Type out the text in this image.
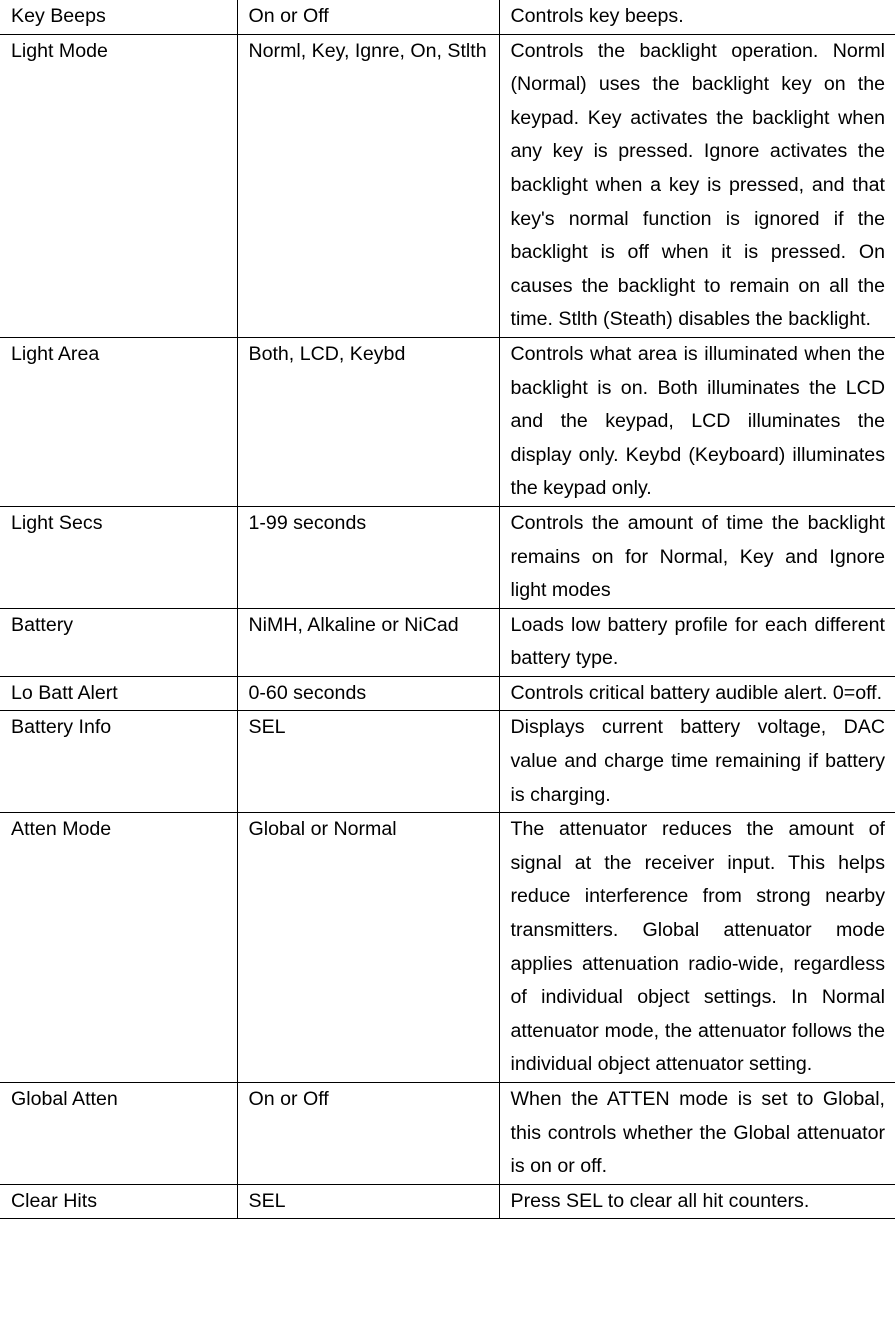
Key Beeps	On or Off	Controls key beeps.
Light Mode	Norml, Key, Ignre, On, Stlth	Controls the backlight operation. Norml (Normal) uses the backlight key on the keypad. Key activates the backlight when any key is pressed. Ignore activates the backlight when a key is pressed, and that key's normal function is ignored if the backlight is off when it is pressed. On causes the backlight to remain on all the time. Stlth (Steath) disables the backlight.
Light Area	Both, LCD, Keybd	Controls what area is illuminated when the backlight is on. Both illuminates the LCD and the keypad, LCD illuminates the display only. Keybd (Keyboard) illuminates the keypad only.
Light Secs	1-99 seconds	Controls the amount of time the backlight remains on for Normal, Key and Ignore light modes
Battery	NiMH, Alkaline or NiCad	Loads low battery profile for each different battery type.
Lo Batt Alert	0-60 seconds	Controls critical battery audible alert. 0=off.
Battery Info	SEL	Displays current battery voltage, DAC value and charge time remaining if battery is charging.
Atten Mode	Global or Normal	The attenuator reduces the amount of signal at the receiver input. This helps reduce interference from strong nearby transmitters. Global attenuator mode applies attenuation radio-wide, regardless of individual object settings. In Normal attenuator mode, the attenuator follows the individual object attenuator setting.
Global Atten	On or Off	When the ATTEN mode is set to Global, this controls whether the Global attenuator is on or off.
Clear Hits	SEL	Press SEL to clear all hit counters.
